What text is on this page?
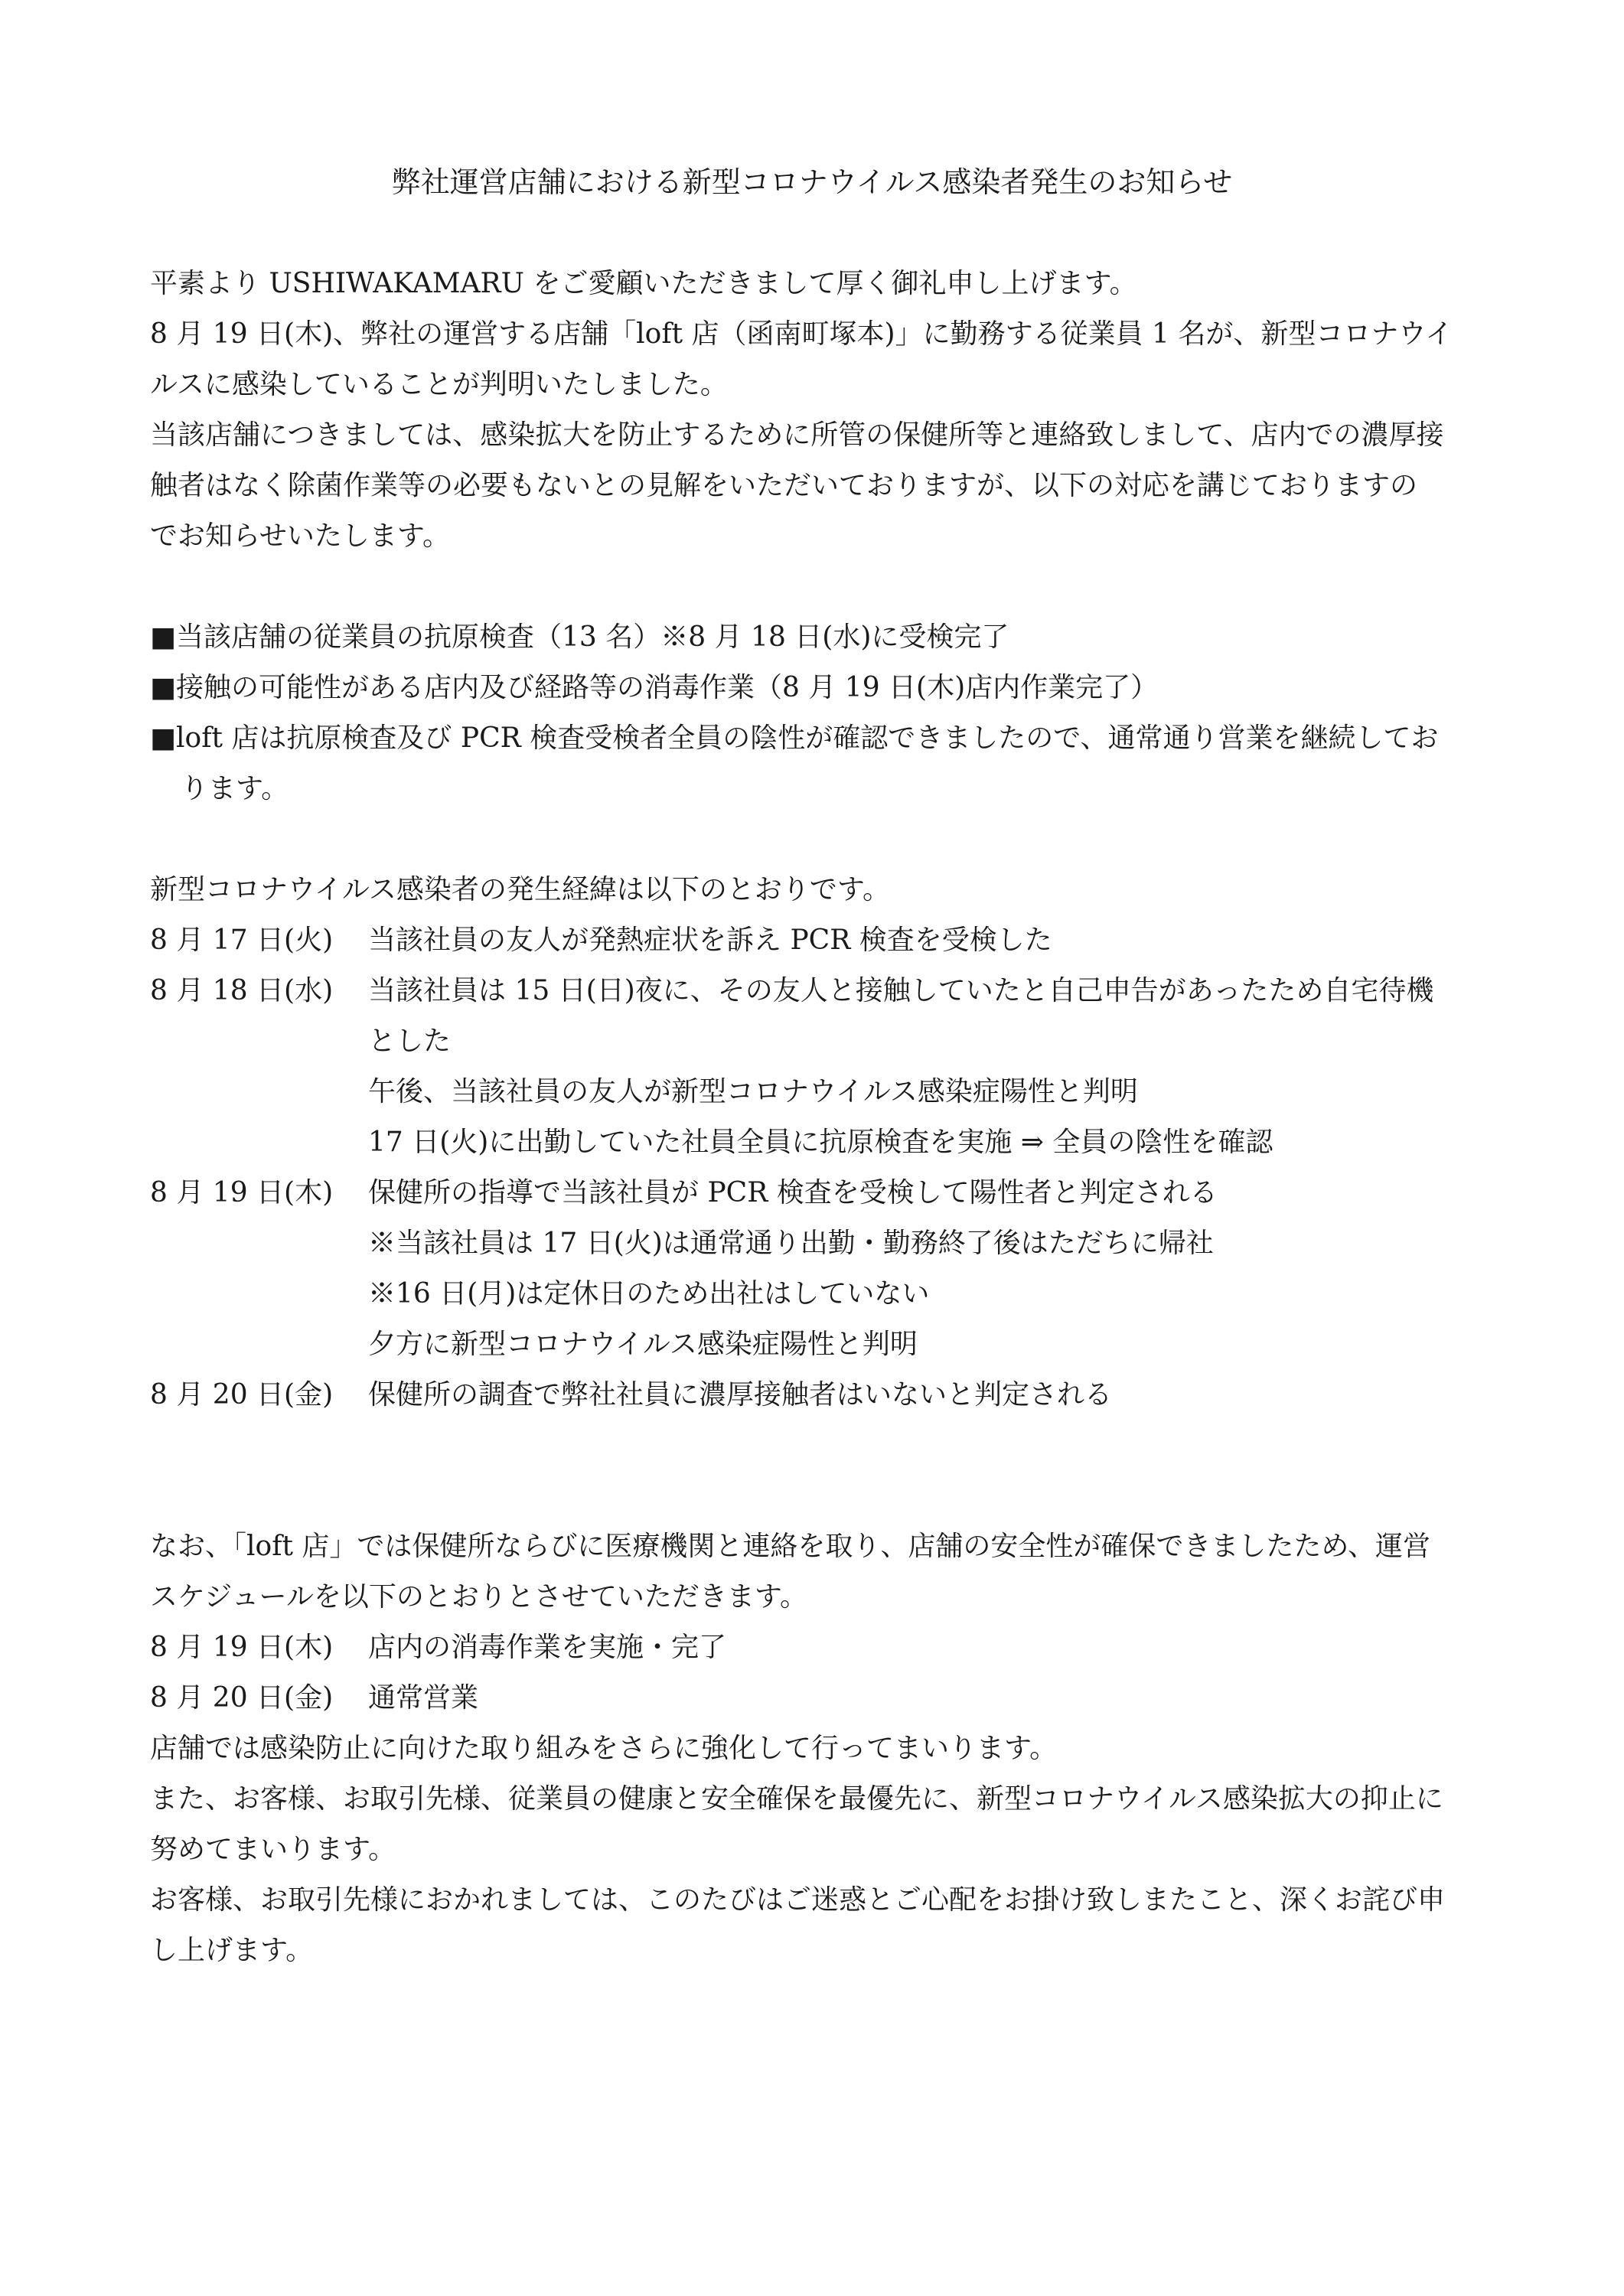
弊社運営店舗における新型コロナウイルス感染者発生のお知らせ

平素より USHIWAKAMARU をご愛顧いただきまして厚く御礼申し上げます。

8 月 19 日(木)、弊社の運営する店舗「loft 店（函南町塚本)」に勤務する従業員 1 名が、新型コロナウイ

ルスに感染していることが判明いたしました。

当該店舗につきましては、感染拡大を防止するために所管の保健所等と連絡致しまして、店内での濃厚接

触者はなく除菌作業等の必要もないとの見解をいただいておりますが、以下の対応を講じておりますの

でお知らせいたします。

■当該店舗の従業員の抗原検査（13 名）※8 月 18 日(水)に受検完了

■接触の可能性がある店内及び経路等の消毒作業（8 月 19 日(木)店内作業完了）

■loft 店は抗原検査及び PCR 検査受検者全員の陰性が確認できましたので、通常通り営業を継続してお

ります。

新型コロナウイルス感染者の発生経緯は以下のとおりです。

8 月 17 日(火)	当該社員の友人が発熱症状を訴え PCR 検査を受検した
8 月 18 日(水)	当該社員は 15 日(日)夜に、その友人と接触していたと自己申告があったため自宅待機

とした

午後、当該社員の友人が新型コロナウイルス感染症陽性と判明

17 日(火)に出勤していた社員全員に抗原検査を実施 ⇒ 全員の陰性を確認

8 月 19 日(木)	保健所の指導で当該社員が PCR 検査を受検して陽性者と判定される

※当該社員は 17 日(火)は通常通り出勤・勤務終了後はただちに帰社

※16 日(月)は定休日のため出社はしていない

夕方に新型コロナウイルス感染症陽性と判明

8 月 20 日(金)	保健所の調査で弊社社員に濃厚接触者はいないと判定される

なお、「loft 店」では保健所ならびに医療機関と連絡を取り、店舗の安全性が確保できましたため、運営

スケジュールを以下のとおりとさせていただきます。

8 月 19 日(木)	店内の消毒作業を実施・完了
8 月 20 日(金)	通常営業

店舗では感染防止に向けた取り組みをさらに強化して行ってまいります。

また、お客様、お取引先様、従業員の健康と安全確保を最優先に、新型コロナウイルス感染拡大の抑止に

努めてまいります。

お客様、お取引先様におかれましては、このたびはご迷惑とご心配をお掛け致しまたこと、深くお詫び申

し上げます。
